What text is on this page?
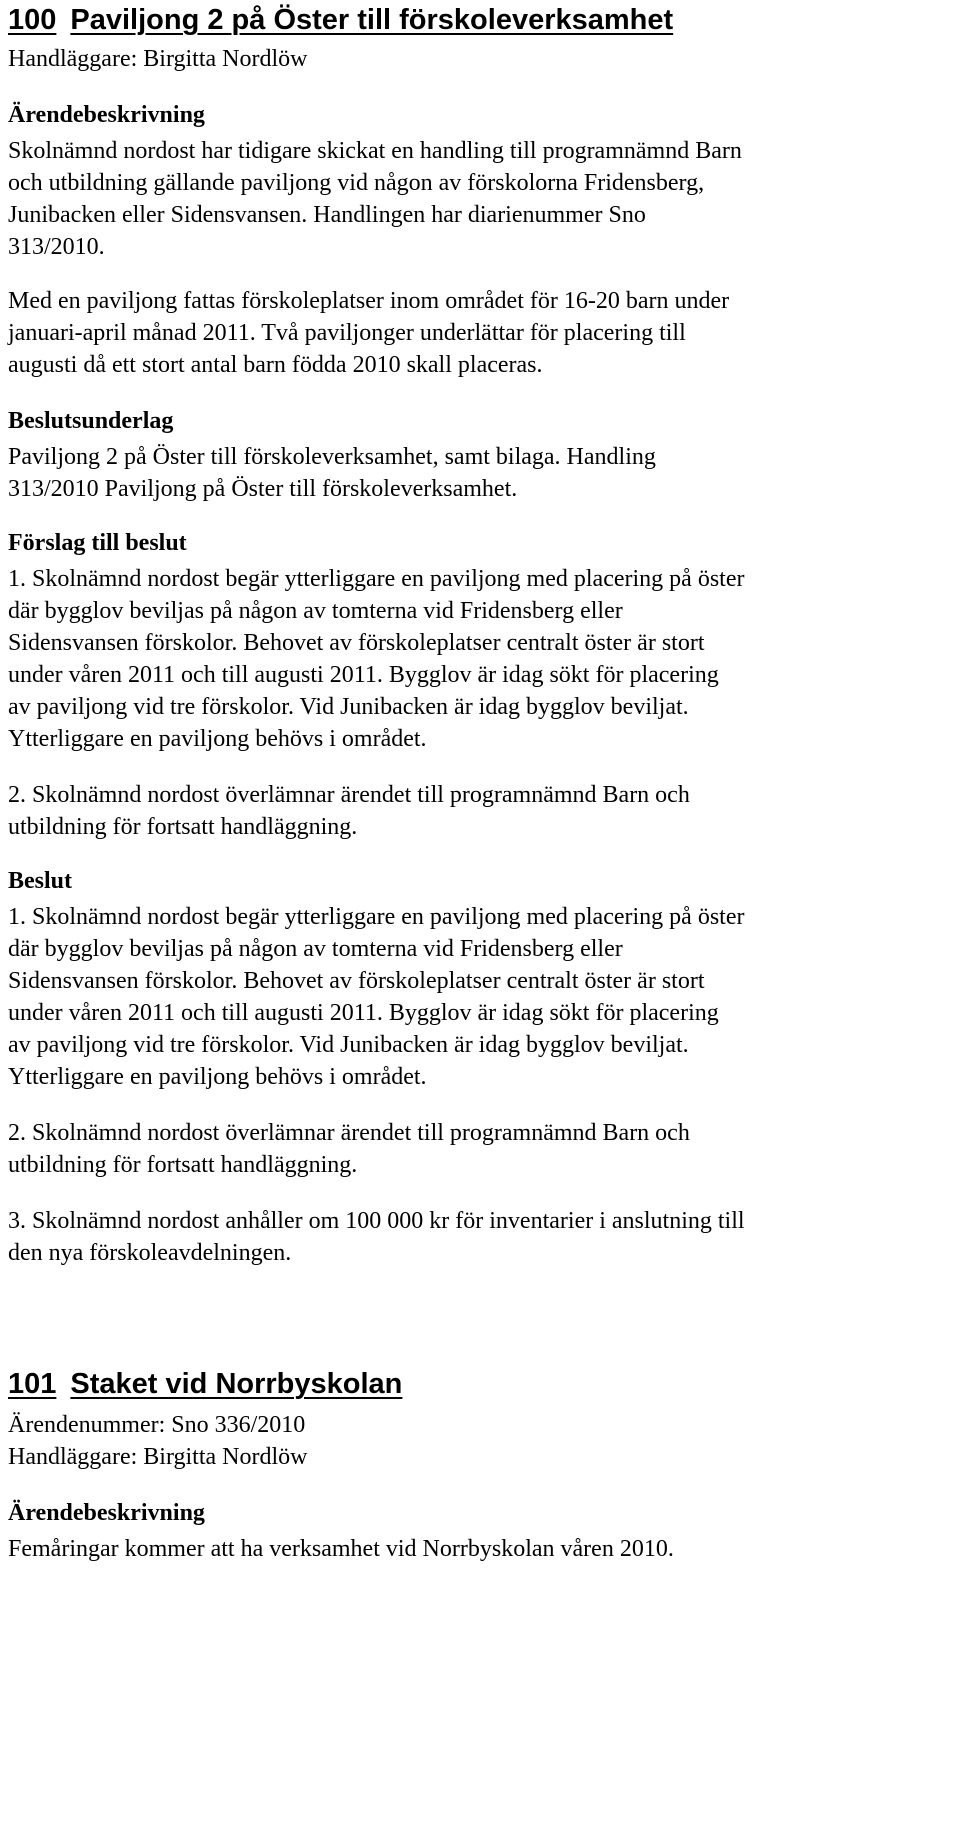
100 Paviljong 2 på Öster till förskoleverksamhet
Handläggare: Birgitta Nordlöw
Ärendebeskrivning
Skolnämnd nordost har tidigare skickat en handling till programnämnd Barn
och utbildning gällande paviljong vid någon av förskolorna Fridensberg,
Junibacken eller Sidensvansen. Handlingen har diarienummer Sno
313/2010.
Med en paviljong fattas förskoleplatser inom området för 16-20 barn under
januari-april månad 2011. Två paviljonger underlättar för placering till
augusti då ett stort antal barn födda 2010 skall placeras.
Beslutsunderlag
Paviljong 2 på Öster till förskoleverksamhet, samt bilaga. Handling
313/2010 Paviljong på Öster till förskoleverksamhet.
Förslag till beslut
1. Skolnämnd nordost begär ytterliggare en paviljong med placering på öster
där bygglov beviljas på någon av tomterna vid Fridensberg eller
Sidensvansen förskolor. Behovet av förskoleplatser centralt öster är stort
under våren 2011 och till augusti 2011. Bygglov är idag sökt för placering
av paviljong vid tre förskolor. Vid Junibacken är idag bygglov beviljat.
Ytterliggare en paviljong behövs i området.
2. Skolnämnd nordost överlämnar ärendet till programnämnd Barn och
utbildning för fortsatt handläggning.
Beslut
1. Skolnämnd nordost begär ytterliggare en paviljong med placering på öster
där bygglov beviljas på någon av tomterna vid Fridensberg eller
Sidensvansen förskolor. Behovet av förskoleplatser centralt öster är stort
under våren 2011 och till augusti 2011. Bygglov är idag sökt för placering
av paviljong vid tre förskolor. Vid Junibacken är idag bygglov beviljat.
Ytterliggare en paviljong behövs i området.
2. Skolnämnd nordost överlämnar ärendet till programnämnd Barn och
utbildning för fortsatt handläggning.
3. Skolnämnd nordost anhåller om 100 000 kr för inventarier i anslutning till
den nya förskoleavdelningen.
101 Staket vid Norrbyskolan
Ärendenummer: Sno 336/2010
Handläggare: Birgitta Nordlöw
Ärendebeskrivning
Femåringar kommer att ha verksamhet vid Norrbyskolan våren 2010.
